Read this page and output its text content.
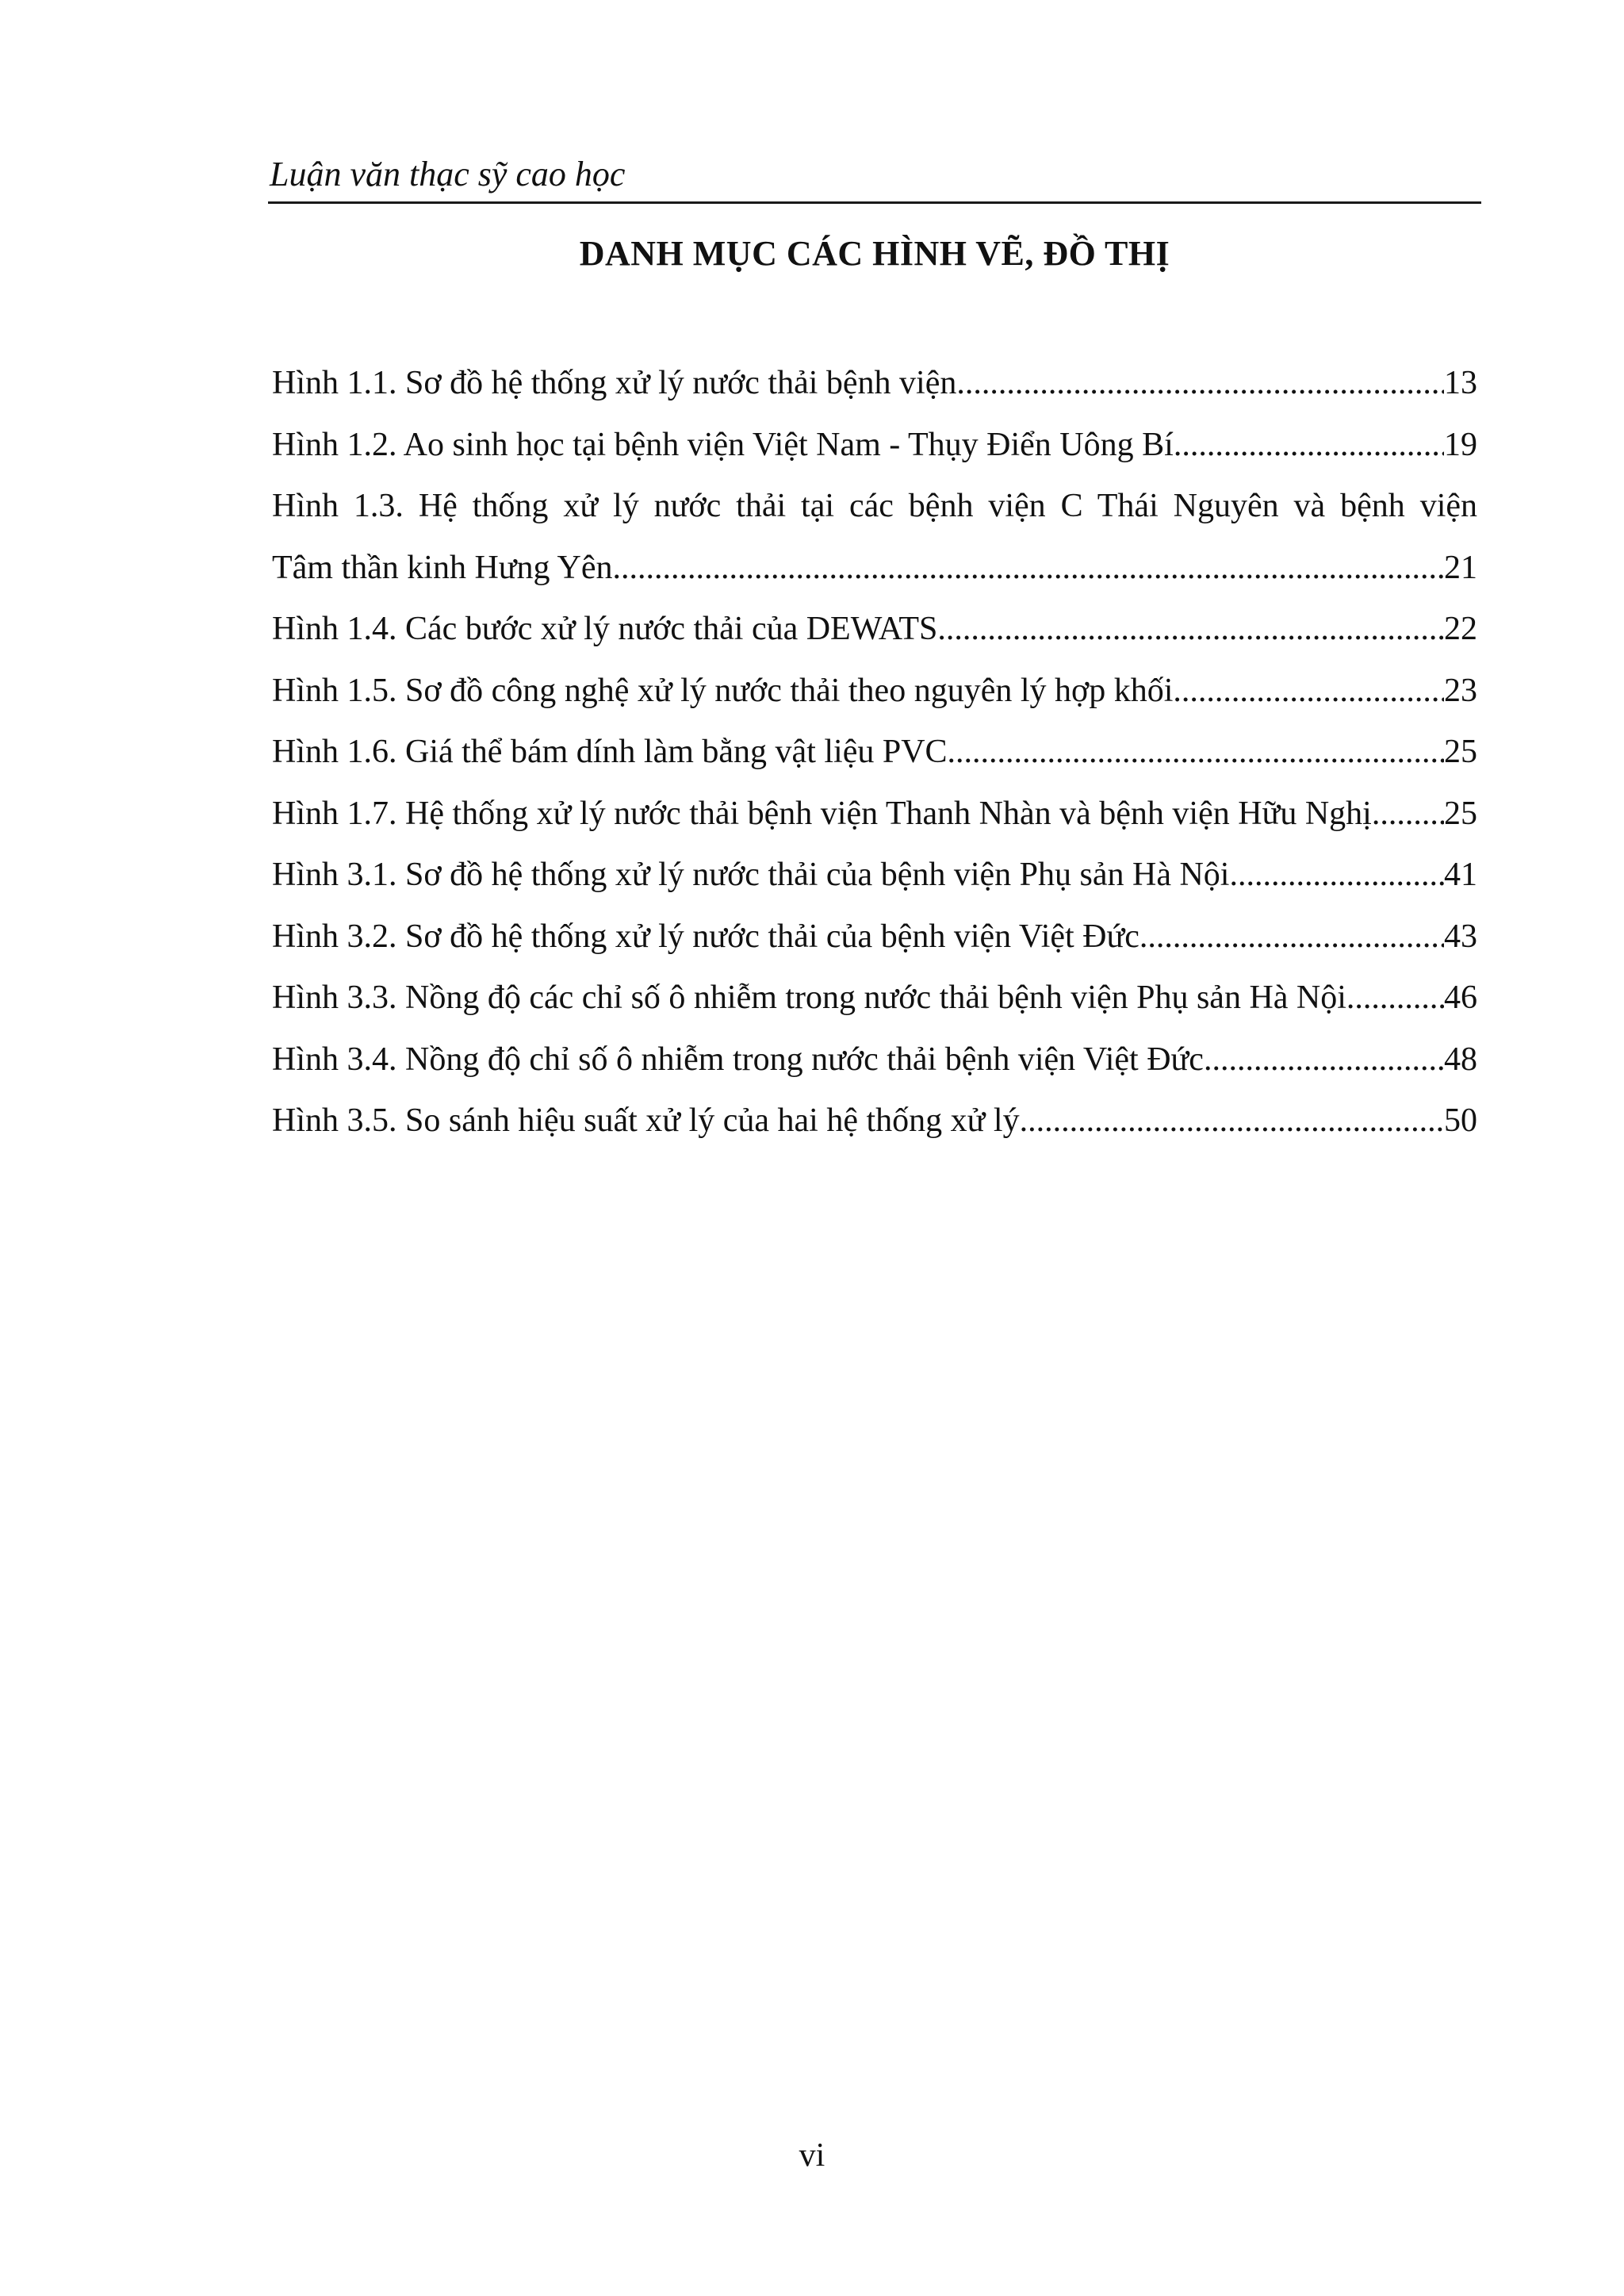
Luận văn thạc sỹ cao học
DANH MỤC CÁC HÌNH VẼ, ĐỒ THỊ
Hình 1.1. Sơ đồ hệ thống xử lý nước thải bệnh viện .....	13
Hình 1.2. Ao sinh học tại bệnh viện Việt Nam - Thụy Điển Uông Bí .....	19
Hình 1.3. Hệ thống xử lý nước thải tại các bệnh viện C Thái Nguyên và bệnh viện
Tâm thần kinh Hưng Yên .....	21
Hình 1.4. Các bước xử lý nước thải của DEWATS .....	22
Hình 1.5. Sơ đồ công nghệ xử lý nước thải theo nguyên lý hợp khối .....	23
Hình 1.6. Giá thể bám dính làm bằng vật liệu PVC .....	25
Hình 1.7. Hệ thống xử lý nước thải bệnh viện Thanh Nhàn và bệnh viện Hữu Nghị ..... 25
Hình 3.1. Sơ đồ hệ thống xử lý nước thải của bệnh viện Phụ sản Hà Nội .....	41
Hình 3.2. Sơ đồ hệ thống xử lý nước thải của bệnh viện Việt Đức .....	43
Hình 3.3. Nồng độ các chỉ số ô nhiễm trong nước thải bệnh viện Phụ sản Hà Nội .....	46
Hình 3.4. Nồng độ chỉ số ô nhiễm trong nước thải bệnh viện Việt Đức .....	48
Hình 3.5. So sánh hiệu suất xử lý của hai hệ thống xử lý .....	50
vi
